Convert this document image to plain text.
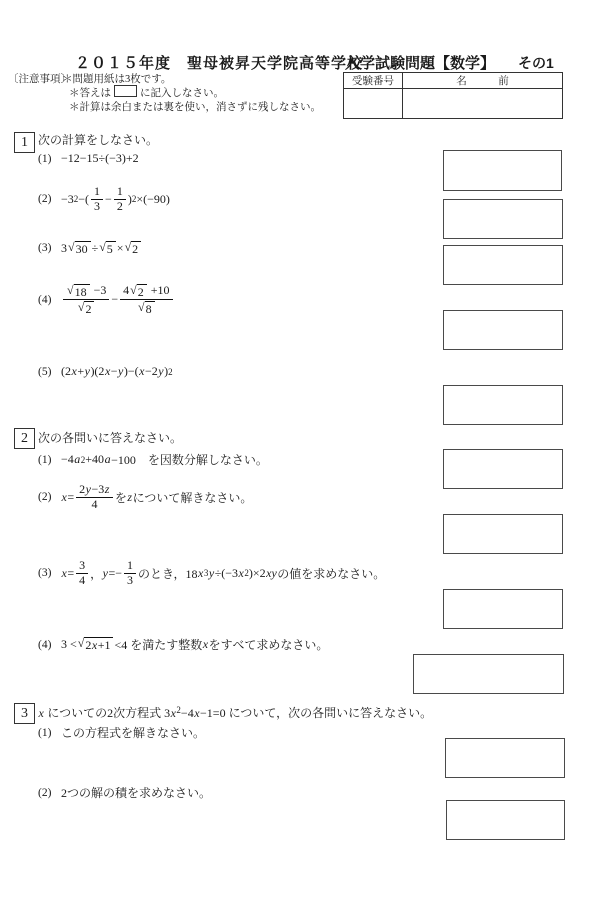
２０１５年度　聖母被昇天学院高等学校
入学試験問題【数学】 その1
受験番号	名　　　前

〔注意事項〕
＊問題用紙は3枚です。
＊答えは	に記入しなさい。
＊計算は余白または裏を使い，消さずに残しなさい。
1 次の計算をしなさい。
(1) −12−15÷(−3)+2
(2) −3 2 −( $\frac{1}{3} - \frac{1}{2}$ ) 2 ×(−90)
(3) 3 √ 30 ÷ √ 5 × √ 2
$(4) \frac{√ 18 -3}{√ 2} - \frac{4 √ 2 +10}{√ 8}$
(5) (2 x + y )(2 x − y )−( x −2 y ) 2
2 次の各問いに答えなさい。
(1) −4 a 2 +40 a −100　を因数分解しなさい。
(2) $x = \frac{2y-3z}{4}$ を z について解きなさい。
(3) $x = \frac{3}{4}$ ， $y =- \frac{1}{3}$ のとき，18 x 3 y ÷(−3 x 2 )×2 xy の値を求めなさい。
(4) 3 < √ 2x+1 <4 を満たす整数 x をすべて求めなさい。
3 x についての2次方程式 $3x^2-4x-1=0$ について，次の各問いに答えなさい。
(1) この方程式を解きなさい。
(2) 2つの解の積を求めなさい。
